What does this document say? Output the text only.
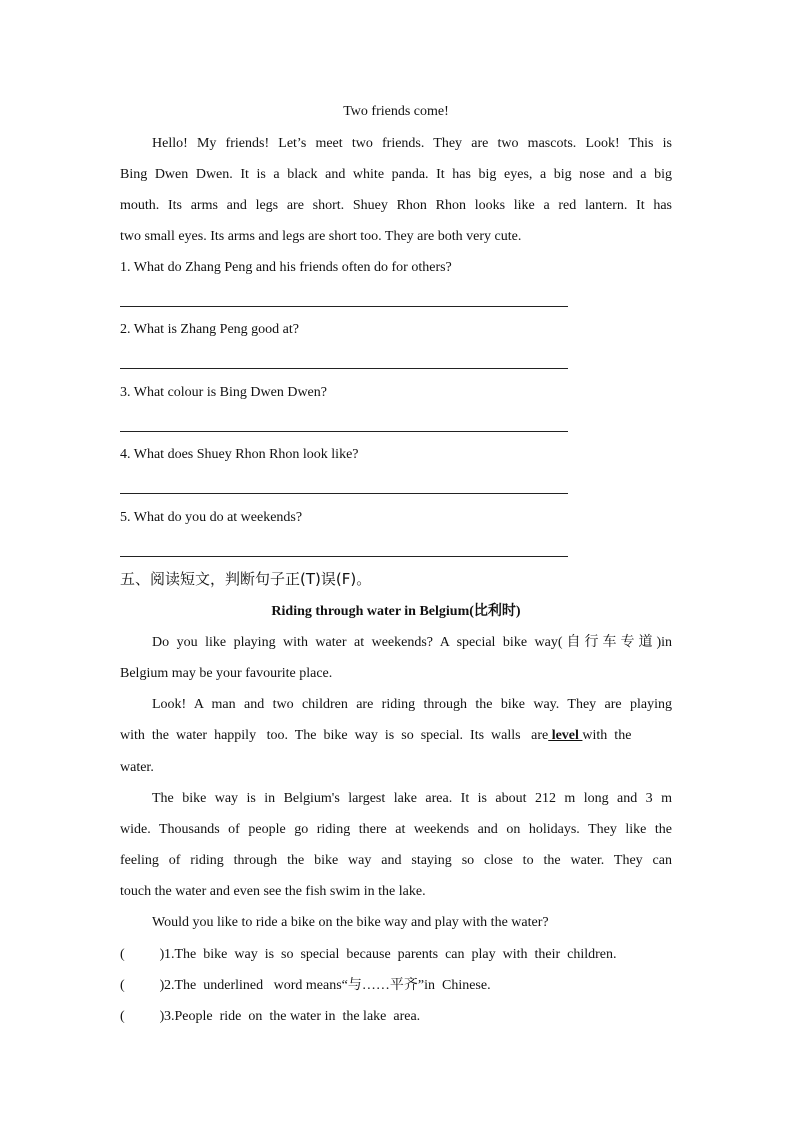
Two friends come!
Hello! My friends! Let’s meet two friends. They are two mascots. Look! This is
Bing Dwen Dwen. It is a black and white panda. It has big eyes, a big nose and a big
mouth. Its arms and legs are short. Shuey Rhon Rhon looks like a red lantern. It has
two small eyes. Its arms and legs are short too. They are both very cute.
1. What do Zhang Peng and his friends often do for others?
2. What is Zhang Peng good at?
3. What colour is Bing Dwen Dwen?
4. What does Shuey Rhon Rhon look like?
5. What do you do at weekends?
五、阅读短文，判断句子正(T)误(F)。
Riding through water in Belgium(比利时)
Do you like playing with water at weekends? A special bike way(自行车专道)in
Belgium may be your favourite place.
Look! A man and two children are riding through the bike way. They are playing
with  the  water  happily   too.  The  bike  way  is  so  special.  Its  walls   are level with  the
water.
The bike way is in Belgium's largest lake area. It is about 212 m long and 3 m
wide. Thousands of people go riding there at weekends and on holidays. They like the
feeling of riding through the bike way and staying so close to the water. They can
touch the water and even see the fish swim in the lake.
Would you like to ride a bike on the bike way and play with the water?
(          )1.The  bike  way  is  so  special  because  parents  can  play  with  their  children.
(          )2.The  underlined   word means“与……平齐”in  Chinese.
(          )3.People  ride  on  the water in  the lake  area.
